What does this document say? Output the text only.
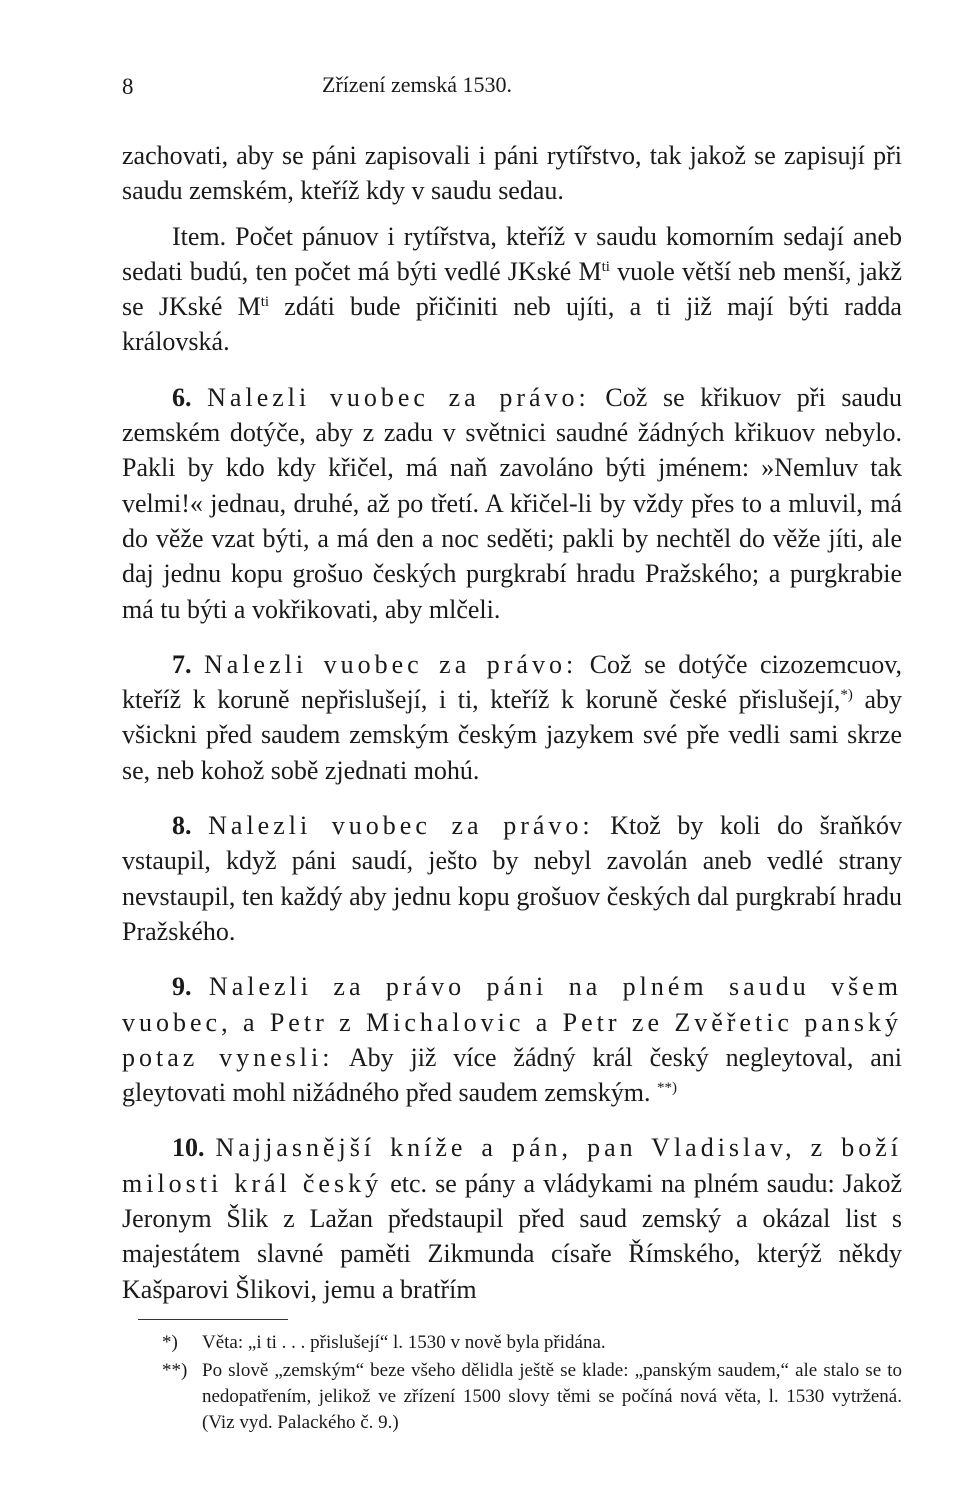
8	Zřízení zemská 1530.

zachovati, aby se páni zapisovali i páni rytířstvo, tak jakož se zapisují při saudu zemském, kteříž kdy v saudu sedau.

Item. Počet pánuov i rytířstva, kteříž v saudu komorním sedají aneb sedati budú, ten počet má býti vedlé JKské $M^{ti}$ vuole větší neb menší, jakž se JKské $M^{ti}$ zdáti bude přičiniti neb ujíti, a ti již mají býti radda královská.

6. Nalezli vuobec za právo: Což se křikuov při saudu zemském dotýče, aby z zadu v světnici saudné žádných křikuov nebylo. Pakli by kdo kdy křičel, má naň zavoláno býti jménem: »Nemluv tak velmi!« jednau, druhé, až po třetí. A křičel-li by vždy přes to a mluvil, má do věže vzat býti, a má den a noc seděti; pakli by nechtěl do věže jíti, ale daj jednu kopu grošuo českých purgkrabí hradu Pražského; a purgkrabie má tu býti a vokřikovati, aby mlčeli.

7. Nalezli vuobec za právo: Což se dotýče cizozemcuov, kteříž k koruně nepřislušejí, i ti, kteříž k koruně české přislušejí,*) aby všickni před saudem zemským českým jazykem své pře vedli sami skrze se, neb kohož sobě zjednati mohú.

8. Nalezli vuobec za právo: Ktož by koli do šraňkóv vstaupil, když páni saudí, ješto by nebyl zavolán aneb vedlé strany nevstaupil, ten každý aby jednu kopu grošuov českých dal purgkrabí hradu Pražského.

9. Nalezli za právo páni na plném saudu všem vuobec, a Petr z Michalovic a Petr ze Zvěřetic panský potaz vynesli: Aby již více žádný král český negleytoval, ani gleytovati mohl nižádného před saudem zemským. **)

10. Najjasnější kníže a pán, pan Vladislav, z boží milosti král český etc. se pány a vládykami na plném saudu: Jakož Jeronym Šlik z Lažan předstaupil před saud zemský a okázal list s majestátem slavné paměti Zikmunda císaře Římského, kterýž někdy Kašparovi Šlikovi, jemu a bratřím

*) Věta: „i ti . . . přislušejí“ l. 1530 v nově byla přidána.

**) Po slově „zemským“ beze všeho dělidla ještě se klade: „panským saudem,“ ale stalo se to nedopatřením, jelikož ve zřízení 1500 slovy těmi se počíná nová věta, l. 1530 vytržená. (Viz vyd. Palackého č. 9.)
